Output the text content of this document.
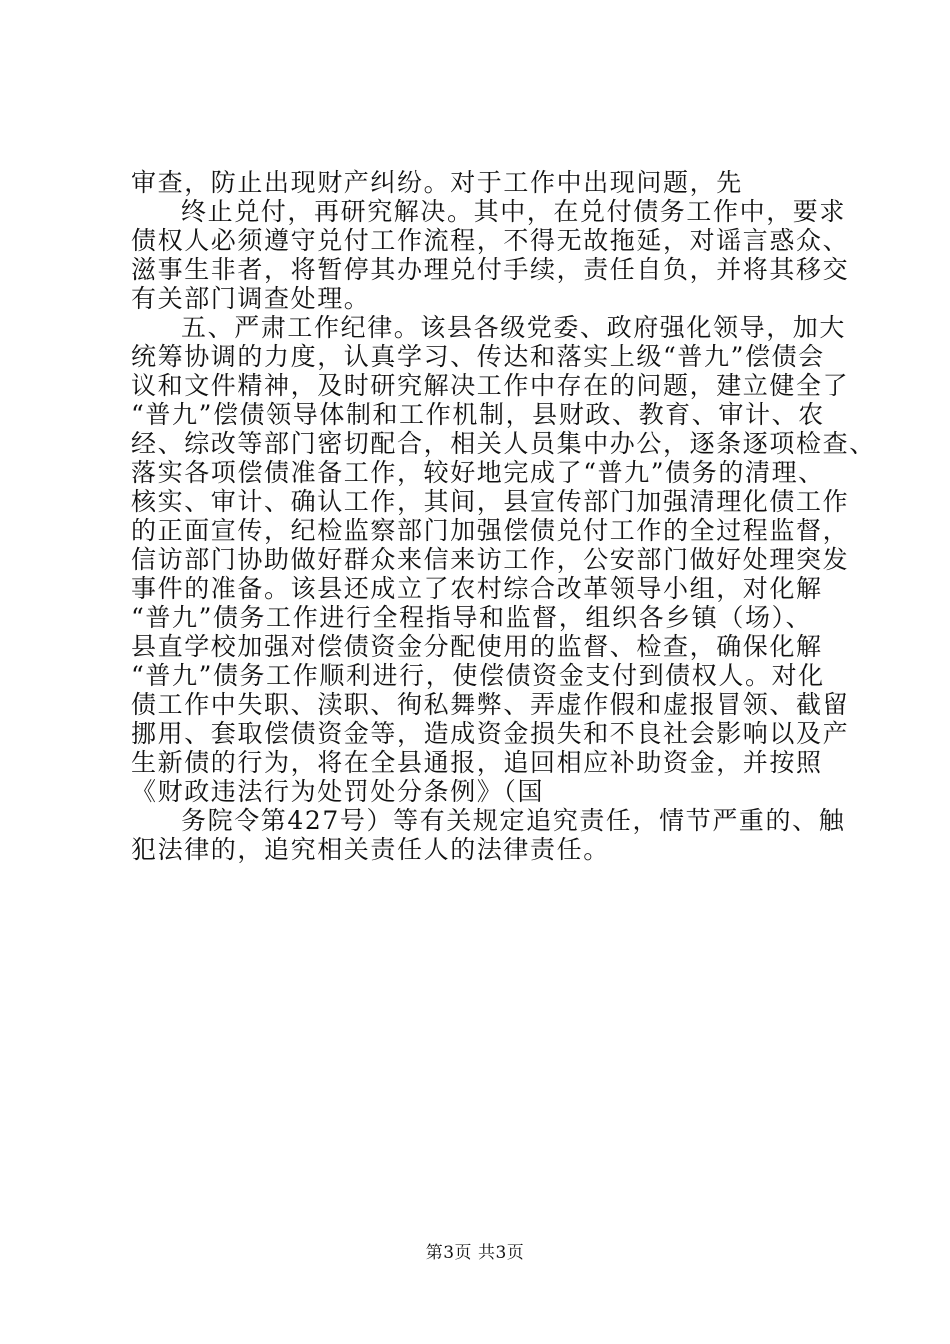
审查，防止出现财产纠纷。对于工作中出现问题，先
终止兑付，再研究解决。其中，在兑付债务工作中，要求
债权人必须遵守兑付工作流程，不得无故拖延，对谣言惑众、
滋事生非者，将暂停其办理兑付手续，责任自负，并将其移交
有关部门调查处理。
五、严肃工作纪律。该县各级党委、政府强化领导，加大
统筹协调的力度，认真学习、传达和落实上级“普九”偿债会
议和文件精神，及时研究解决工作中存在的问题，建立健全了
“普九”偿债领导体制和工作机制，县财政、教育、审计、农
经、综改等部门密切配合，相关人员集中办公，逐条逐项检查、
落实各项偿债准备工作，较好地完成了“普九”债务的清理、
核实、审计、确认工作，其间，县宣传部门加强清理化债工作
的正面宣传，纪检监察部门加强偿债兑付工作的全过程监督，
信访部门协助做好群众来信来访工作，公安部门做好处理突发
事件的准备。该县还成立了农村综合改革领导小组，对化解
“普九”债务工作进行全程指导和监督，组织各乡镇（场）、
县直学校加强对偿债资金分配使用的监督、检查，确保化解
“普九”债务工作顺利进行，使偿债资金支付到债权人。对化
债工作中失职、渎职、徇私舞弊、弄虚作假和虚报冒领、截留
挪用、套取偿债资金等，造成资金损失和不良社会影响以及产
生新债的行为，将在全县通报，追回相应补助资金，并按照
《财政违法行为处罚处分条例》（国
务院令第427号）等有关规定追究责任，情节严重的、触
犯法律的，追究相关责任人的法律责任。
第3页 共3页
